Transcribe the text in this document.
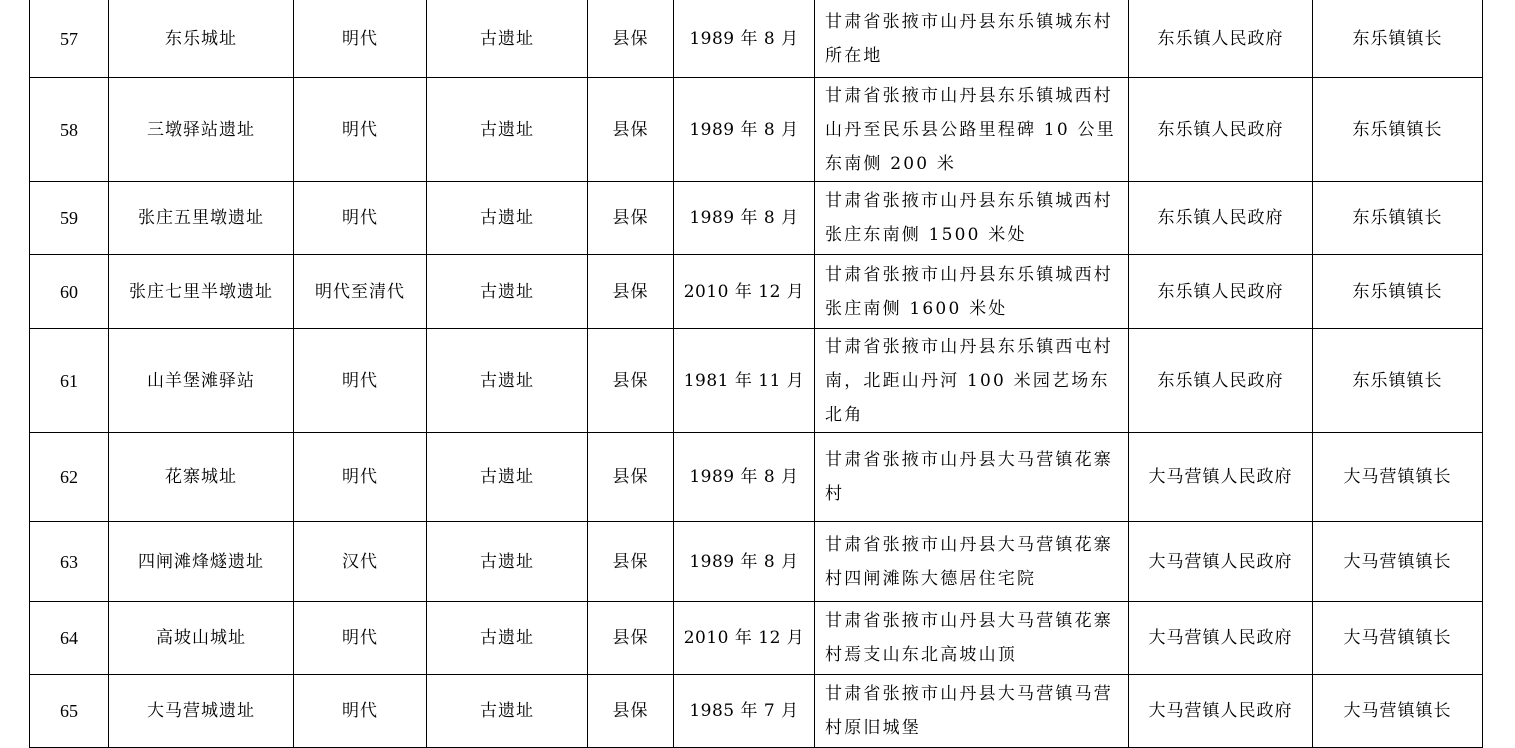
57	东乐城址	明代	古遗址	县保	1989 年 8 月	甘肃省张掖市山丹县东乐镇城东村所在地	东乐镇人民政府	东乐镇镇长
58	三墩驿站遗址	明代	古遗址	县保	1989 年 8 月	甘肃省张掖市山丹县东乐镇城西村山丹至民乐县公路里程碑 10 公里东南侧 200 米	东乐镇人民政府	东乐镇镇长
59	张庄五里墩遗址	明代	古遗址	县保	1989 年 8 月	甘肃省张掖市山丹县东乐镇城西村张庄东南侧 1500 米处	东乐镇人民政府	东乐镇镇长
60	张庄七里半墩遗址	明代至清代	古遗址	县保	2010 年 12 月	甘肃省张掖市山丹县东乐镇城西村张庄南侧 1600 米处	东乐镇人民政府	东乐镇镇长
61	山羊堡滩驿站	明代	古遗址	县保	1981 年 11 月	甘肃省张掖市山丹县东乐镇西屯村南，北距山丹河 100 米园艺场东北角	东乐镇人民政府	东乐镇镇长
62	花寨城址	明代	古遗址	县保	1989 年 8 月	甘肃省张掖市山丹县大马营镇花寨村	大马营镇人民政府	大马营镇镇长
63	四闸滩烽燧遗址	汉代	古遗址	县保	1989 年 8 月	甘肃省张掖市山丹县大马营镇花寨村四闸滩陈大德居住宅院	大马营镇人民政府	大马营镇镇长
64	高坡山城址	明代	古遗址	县保	2010 年 12 月	甘肃省张掖市山丹县大马营镇花寨村焉支山东北高坡山顶	大马营镇人民政府	大马营镇镇长
65	大马营城遗址	明代	古遗址	县保	1985 年 7 月	甘肃省张掖市山丹县大马营镇马营村原旧城堡	大马营镇人民政府	大马营镇镇长
